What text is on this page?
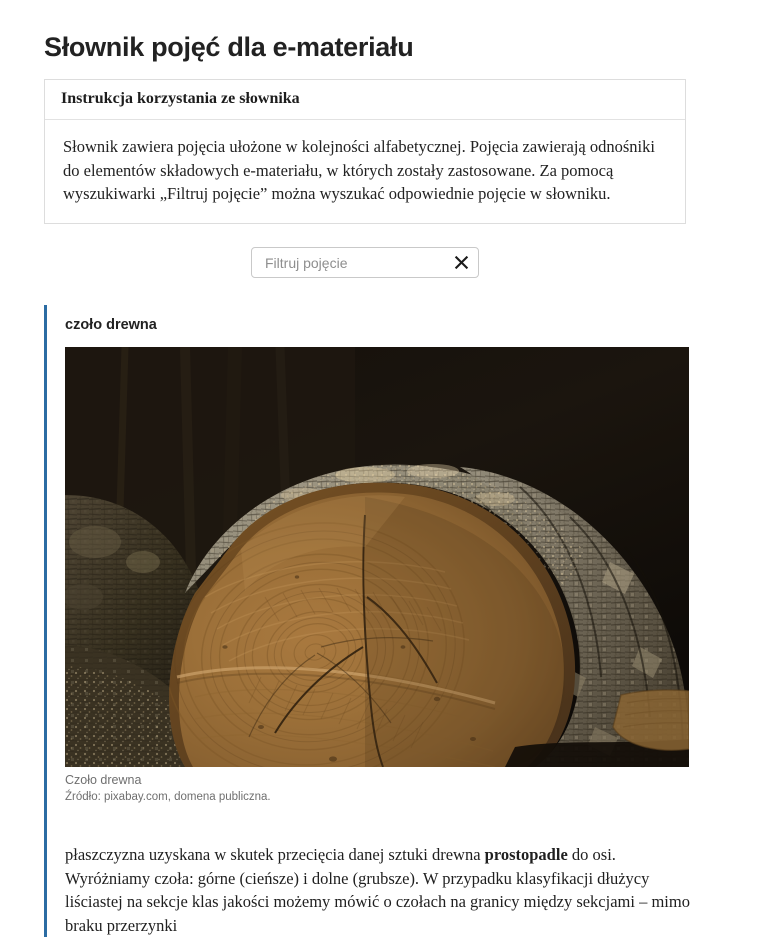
Słownik pojęć dla e-materiału
Instrukcja korzystania ze słownika
Słownik zawiera pojęcia ułożone w kolejności alfabetycznej. Pojęcia zawierają odnośniki do elementów składowych e-materiału, w których zostały zastosowane. Za pomocą wyszukiwarki „Filtruj pojęcie” można wyszukać odpowiednie pojęcie w słowniku.
Filtruj pojęcie
czoło drewna
Czoło drewna
Źródło: pixabay.com, domena publiczna.
płaszczyzna uzyskana w skutek przecięcia danej sztuki drewna prostopadle do osi. Wyróżniamy czoła: górne (cieńsze) i dolne (grubsze). W przypadku klasyfikacji dłużycy liściastej na sekcje klas jakości możemy mówić o czołach na granicy między sekcjami – mimo braku przerzynki
